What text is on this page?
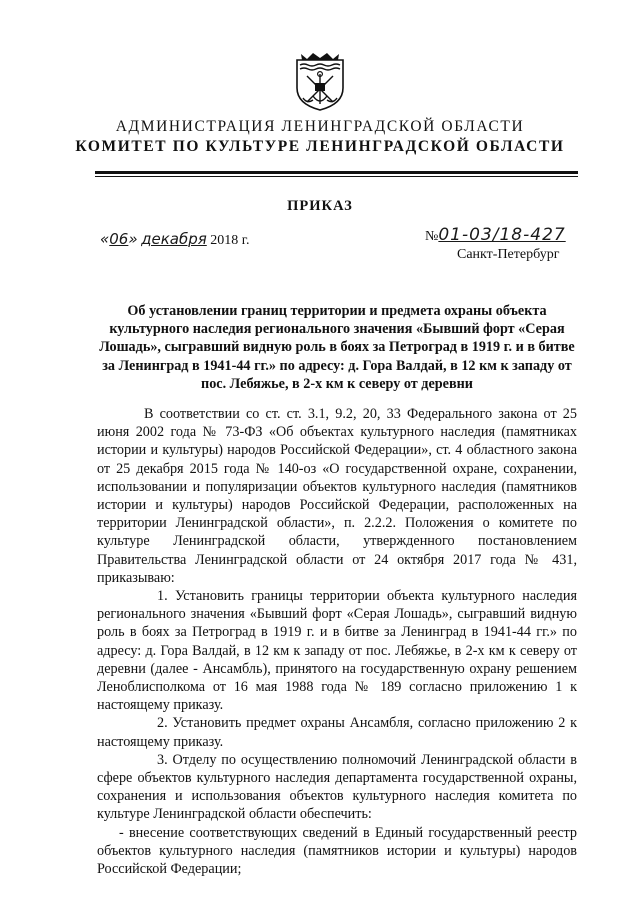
АДМИНИСТРАЦИЯ ЛЕНИНГРАДСКОЙ ОБЛАСТИ
КОМИТЕТ ПО КУЛЬТУРЕ ЛЕНИНГРАДСКОЙ ОБЛАСТИ
ПРИКАЗ
«06» декабря 2018 г.	№01-03/18-427
Санкт-Петербург
Об установлении границ территории и предмета охраны объекта культурного наследия регионального значения «Бывший форт «Серая Лошадь», сыгравший видную роль в боях за Петроград в 1919 г. и в битве за Ленинград в 1941-44 гг.» по адресу: д. Гора Валдай, в 12 км к западу от пос. Лебяжье, в 2-х км к северу от деревни

В соответствии со ст. ст. 3.1, 9.2, 20, 33 Федерального закона от 25 июня 2002 года № 73-ФЗ «Об объектах культурного наследия (памятниках истории и культуры) народов Российской Федерации», ст. 4 областного закона от 25 декабря 2015 года № 140-оз «О государственной охране, сохранении, использовании и популяризации объектов культурного наследия (памятников истории и культуры) народов Российской Федерации, расположенных на территории Ленинградской области», п. 2.2.2. Положения о комитете по культуре Ленинградской области, утвержденного постановлением Правительства Ленинградской области от 24 октября 2017 года № 431, приказываю:

1. Установить границы территории объекта культурного наследия регионального значения «Бывший форт «Серая Лошадь», сыгравший видную роль в боях за Петроград в 1919 г. и в битве за Ленинград в 1941-44 гг.» по адресу: д. Гора Валдай, в 12 км к западу от пос. Лебяжье, в 2-х км к северу от деревни (далее - Ансамбль), принятого на государственную охрану решением Леноблисполкома от 16 мая 1988 года № 189 согласно приложению 1 к настоящему приказу.

2. Установить предмет охраны Ансамбля, согласно приложению 2 к настоящему приказу.

3. Отделу по осуществлению полномочий Ленинградской области в сфере объектов культурного наследия департамента государственной охраны, сохранения и использования объектов культурного наследия комитета по культуре Ленинградской области обеспечить:

- внесение соответствующих сведений в Единый государственный реестр объектов культурного наследия (памятников истории и культуры) народов Российской Федерации;
